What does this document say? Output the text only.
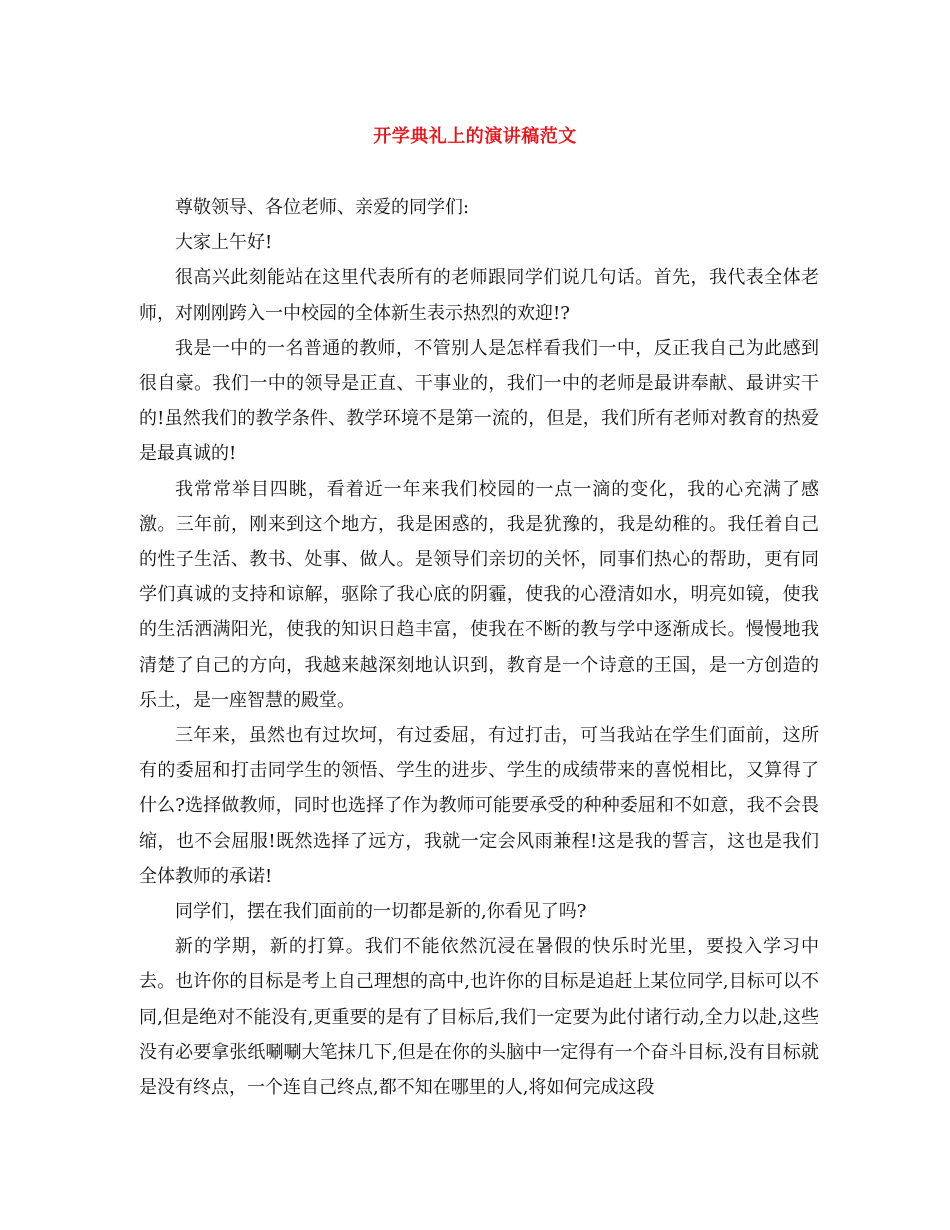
开学典礼上的演讲稿范文

尊敬领导、各位老师、亲爱的同学们:

大家上午好!

很高兴此刻能站在这里代表所有的老师跟同学们说几句话。首先，我代表全体老师，对刚刚跨入一中校园的全体新生表示热烈的欢迎!?

我是一中的一名普通的教师，不管别人是怎样看我们一中，反正我自己为此感到很自豪。我们一中的领导是正直、干事业的，我们一中的老师是最讲奉献、最讲实干的!虽然我们的教学条件、教学环境不是第一流的，但是，我们所有老师对教育的热爱是最真诚的!

我常常举目四眺，看着近一年来我们校园的一点一滴的变化，我的心充满了感激。三年前，刚来到这个地方，我是困惑的，我是犹豫的，我是幼稚的。我任着自己的性子生活、教书、处事、做人。是领导们亲切的关怀，同事们热心的帮助，更有同学们真诚的支持和谅解，驱除了我心底的阴霾，使我的心澄清如水，明亮如镜，使我的生活洒满阳光，使我的知识日趋丰富，使我在不断的教与学中逐渐成长。慢慢地我清楚了自己的方向，我越来越深刻地认识到，教育是一个诗意的王国，是一方创造的乐土，是一座智慧的殿堂。

三年来，虽然也有过坎坷，有过委屈，有过打击，可当我站在学生们面前，这所有的委屈和打击同学生的领悟、学生的进步、学生的成绩带来的喜悦相比，又算得了什么?选择做教师，同时也选择了作为教师可能要承受的种种委屈和不如意，我不会畏缩，也不会屈服!既然选择了远方，我就一定会风雨兼程!这是我的誓言，这也是我们全体教师的承诺!

同学们，摆在我们面前的一切都是新的,你看见了吗?

新的学期，新的打算。我们不能依然沉浸在暑假的快乐时光里，要投入学习中去。也许你的目标是考上自己理想的高中,也许你的目标是追赶上某位同学,目标可以不同,但是绝对不能没有,更重要的是有了目标后,我们一定要为此付诸行动,全力以赴,这些没有必要拿张纸唰唰大笔抹几下,但是在你的头脑中一定得有一个奋斗目标,没有目标就是没有终点，一个连自己终点,都不知在哪里的人,将如何完成这段
